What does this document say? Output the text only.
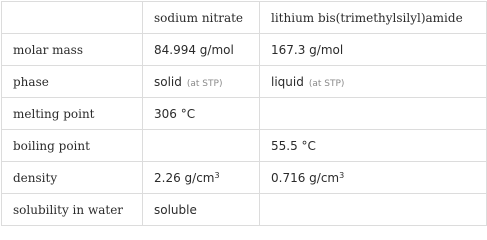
	sodium nitrate	lithium bis(trimethylsilyl)amide
molar mass	84.994 g/mol	167.3 g/mol
phase	solid (at STP)	liquid (at STP)
melting point	306 °C	
boiling point		55.5 °C
density	2.26 $g/cm^3$	0.716 $g/cm^3$
solubility in water	soluble	
